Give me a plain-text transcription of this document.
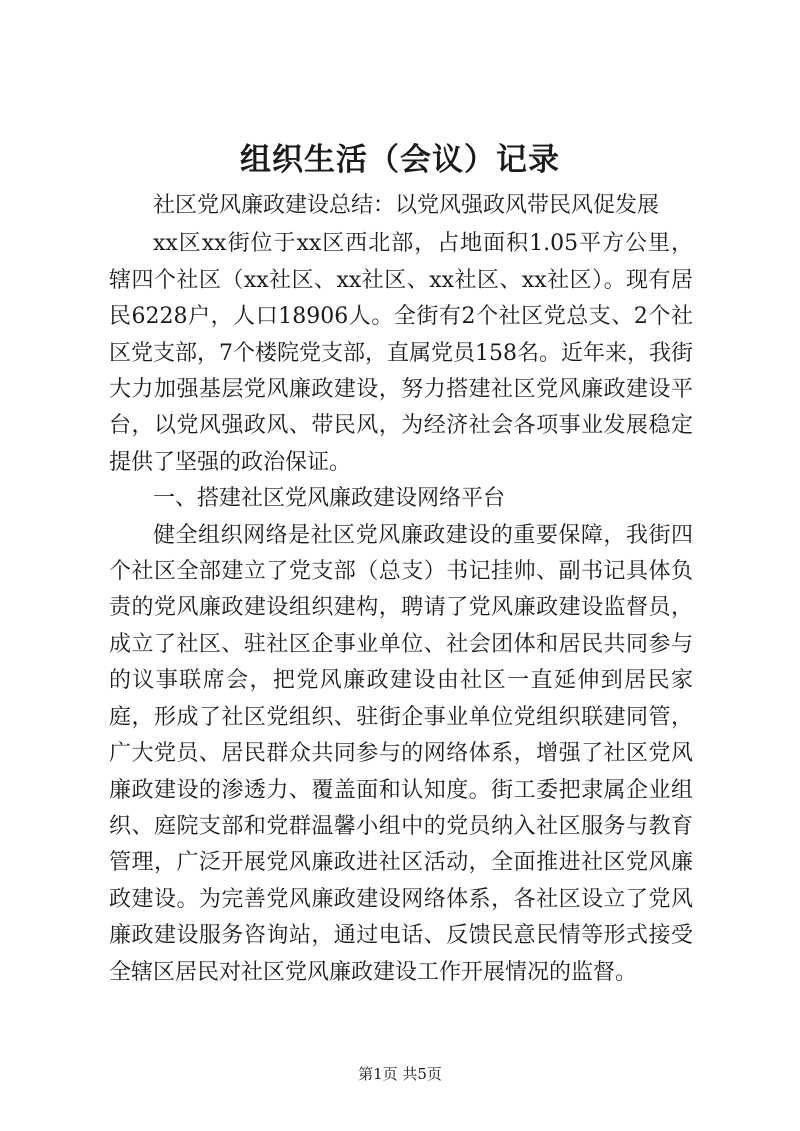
组织生活（会议）记录

社区党风廉政建设总结：以党风强政风带民风促发展

xx区xx街位于xx区西北部，占地面积1.05平方公里，辖四个社区（xx社区、xx社区、xx社区、xx社区）。现有居民6228户，人口18906人。全街有2个社区党总支、2个社区党支部，7个楼院党支部，直属党员158名。近年来，我街大力加强基层党风廉政建设，努力搭建社区党风廉政建设平台，以党风强政风、带民风，为经济社会各项事业发展稳定提供了坚强的政治保证。

一、搭建社区党风廉政建设网络平台

健全组织网络是社区党风廉政建设的重要保障，我街四个社区全部建立了党支部（总支）书记挂帅、副书记具体负责的党风廉政建设组织建构，聘请了党风廉政建设监督员，成立了社区、驻社区企事业单位、社会团体和居民共同参与的议事联席会，把党风廉政建设由社区一直延伸到居民家庭，形成了社区党组织、驻街企事业单位党组织联建同管，广大党员、居民群众共同参与的网络体系，增强了社区党风廉政建设的渗透力、覆盖面和认知度。街工委把隶属企业组织、庭院支部和党群温馨小组中的党员纳入社区服务与教育管理，广泛开展党风廉政进社区活动，全面推进社区党风廉政建设。为完善党风廉政建设网络体系，各社区设立了党风廉政建设服务咨询站，通过电话、反馈民意民情等形式接受全辖区居民对社区党风廉政建设工作开展情况的监督。

第1页 共5页
